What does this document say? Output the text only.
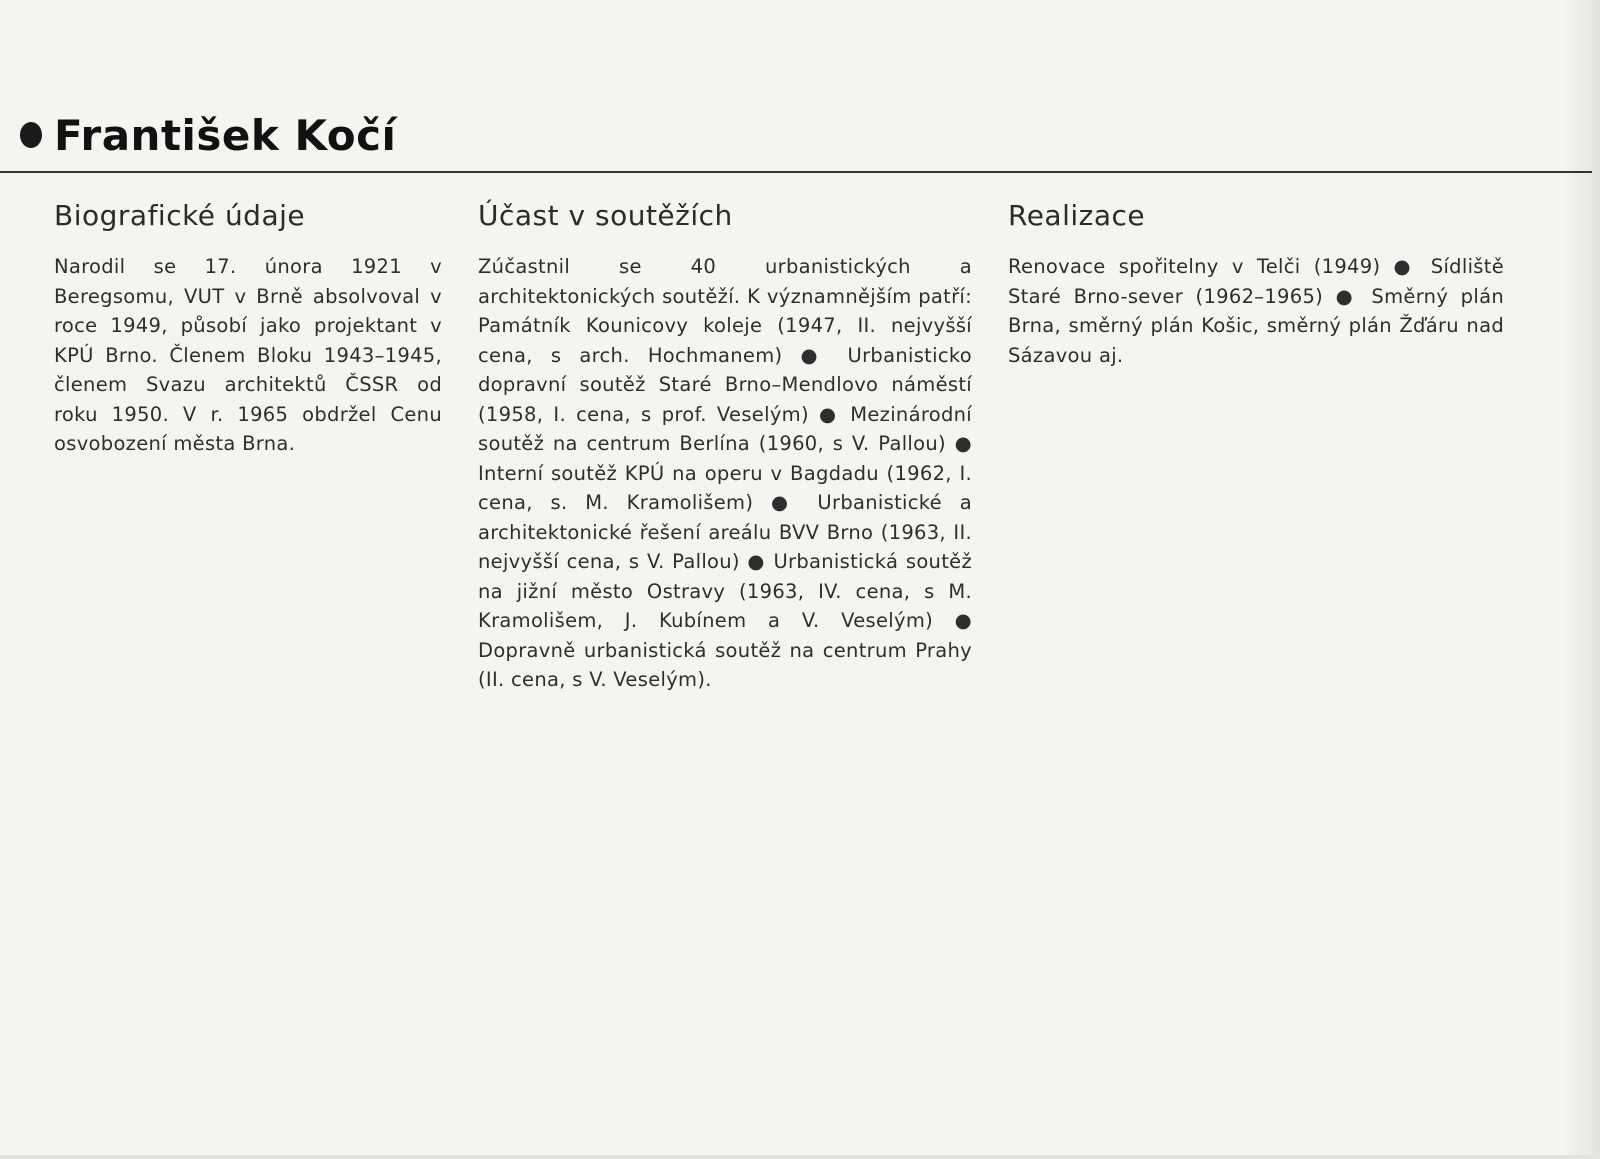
František Kočí
Biografické údaje

Narodil se 17. února 1921 v Beregsomu, VUT v Brně absolvoval v roce 1949, působí jako projektant v KPÚ Brno. Členem Bloku 1943–1945, členem Svazu architektů ČSSR od roku 1950. V r. 1965 obdržel Cenu osvobození města Brna.

Účast v soutěžích

Zúčastnil se 40 urbanistických a architektonických soutěží. K významnějším patří: Památník Kounicovy koleje (1947, II. nejvyšší cena, s arch. Hochmanem) ● Urbanisticko dopravní soutěž Staré Brno–Mendlovo náměstí (1958, I. cena, s prof. Veselým) ● Mezinárodní soutěž na centrum Berlína (1960, s V. Pallou) ● Interní soutěž KPÚ na operu v Bagdadu (1962, I. cena, s. M. Kramolišem) ● Urbanistické a architektonické řešení areálu BVV Brno (1963, II. nejvyšší cena, s V. Pallou) ● Urbanistická soutěž na jižní město Ostravy (1963, IV. cena, s M. Kramolišem, J. Kubínem a V. Veselým) ● Dopravně urbanistická soutěž na centrum Prahy (II. cena, s V. Veselým).

Realizace

Renovace spořitelny v Telči (1949) ● Sídliště Staré Brno-sever (1962–1965) ● Směrný plán Brna, směrný plán Košic, směrný plán Žďáru nad Sázavou aj.
